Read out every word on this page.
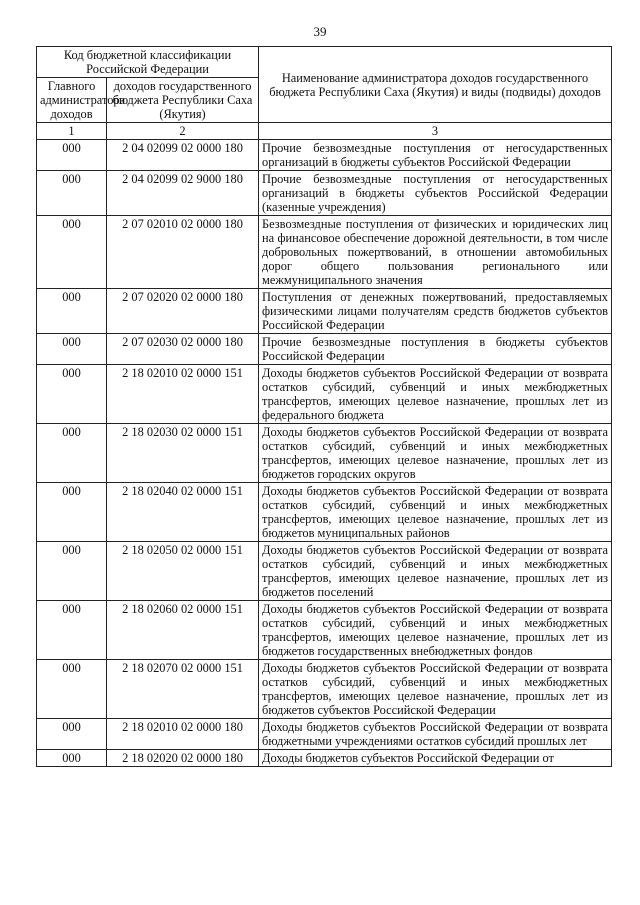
39
Код бюджетной классификации Российской Федерации		Наименование администратора доходов государственного бюджета Республики Саха (Якутия) и виды (подвиды) доходов
Главного администратора доходов	доходов государственного бюджета Республики Саха (Якутия)	
1	2	3
000	2 04 02099 02 0000 180	Прочие безвозмездные поступления от негосударственных организаций в бюджеты субъектов Российской Федерации
000	2 04 02099 02 9000 180	Прочие безвозмездные поступления от негосударственных организаций в бюджеты субъектов Российской Федерации (казенные учреждения)
000	2 07 02010 02 0000 180	Безвозмездные поступления от физических и юридических лиц на финансовое обеспечение дорожной деятельности, в том числе добровольных пожертвований, в отношении автомобильных дорог общего пользования регионального или межмуниципального значения
000	2 07 02020 02 0000 180	Поступления от денежных пожертвований, предоставляемых физическими лицами получателям средств бюджетов субъектов Российской Федерации
000	2 07 02030 02 0000 180	Прочие безвозмездные поступления в бюджеты субъектов Российской Федерации
000	2 18 02010 02 0000 151	Доходы бюджетов субъектов Российской Федерации от возврата остатков субсидий, субвенций и иных межбюджетных трансфертов, имеющих целевое назначение, прошлых лет из федерального бюджета
000	2 18 02030 02 0000 151	Доходы бюджетов субъектов Российской Федерации от возврата остатков субсидий, субвенций и иных межбюджетных трансфертов, имеющих целевое назначение, прошлых лет из бюджетов городских округов
000	2 18 02040 02 0000 151	Доходы бюджетов субъектов Российской Федерации от возврата остатков субсидий, субвенций и иных межбюджетных трансфертов, имеющих целевое назначение, прошлых лет из бюджетов муниципальных районов
000	2 18 02050 02 0000 151	Доходы бюджетов субъектов Российской Федерации от возврата остатков субсидий, субвенций и иных межбюджетных трансфертов, имеющих целевое назначение, прошлых лет из бюджетов поселений
000	2 18 02060 02 0000 151	Доходы бюджетов субъектов Российской Федерации от возврата остатков субсидий, субвенций и иных межбюджетных трансфертов, имеющих целевое назначение, прошлых лет из бюджетов государственных внебюджетных фондов
000	2 18 02070 02 0000 151	Доходы бюджетов субъектов Российской Федерации от возврата остатков субсидий, субвенций и иных межбюджетных трансфертов, имеющих целевое назначение, прошлых лет из бюджетов субъектов Российской Федерации
000	2 18 02010 02 0000 180	Доходы бюджетов субъектов Российской Федерации от возврата бюджетными учреждениями остатков субсидий прошлых лет
000	2 18 02020 02 0000 180	Доходы бюджетов субъектов Российской Федерации от
